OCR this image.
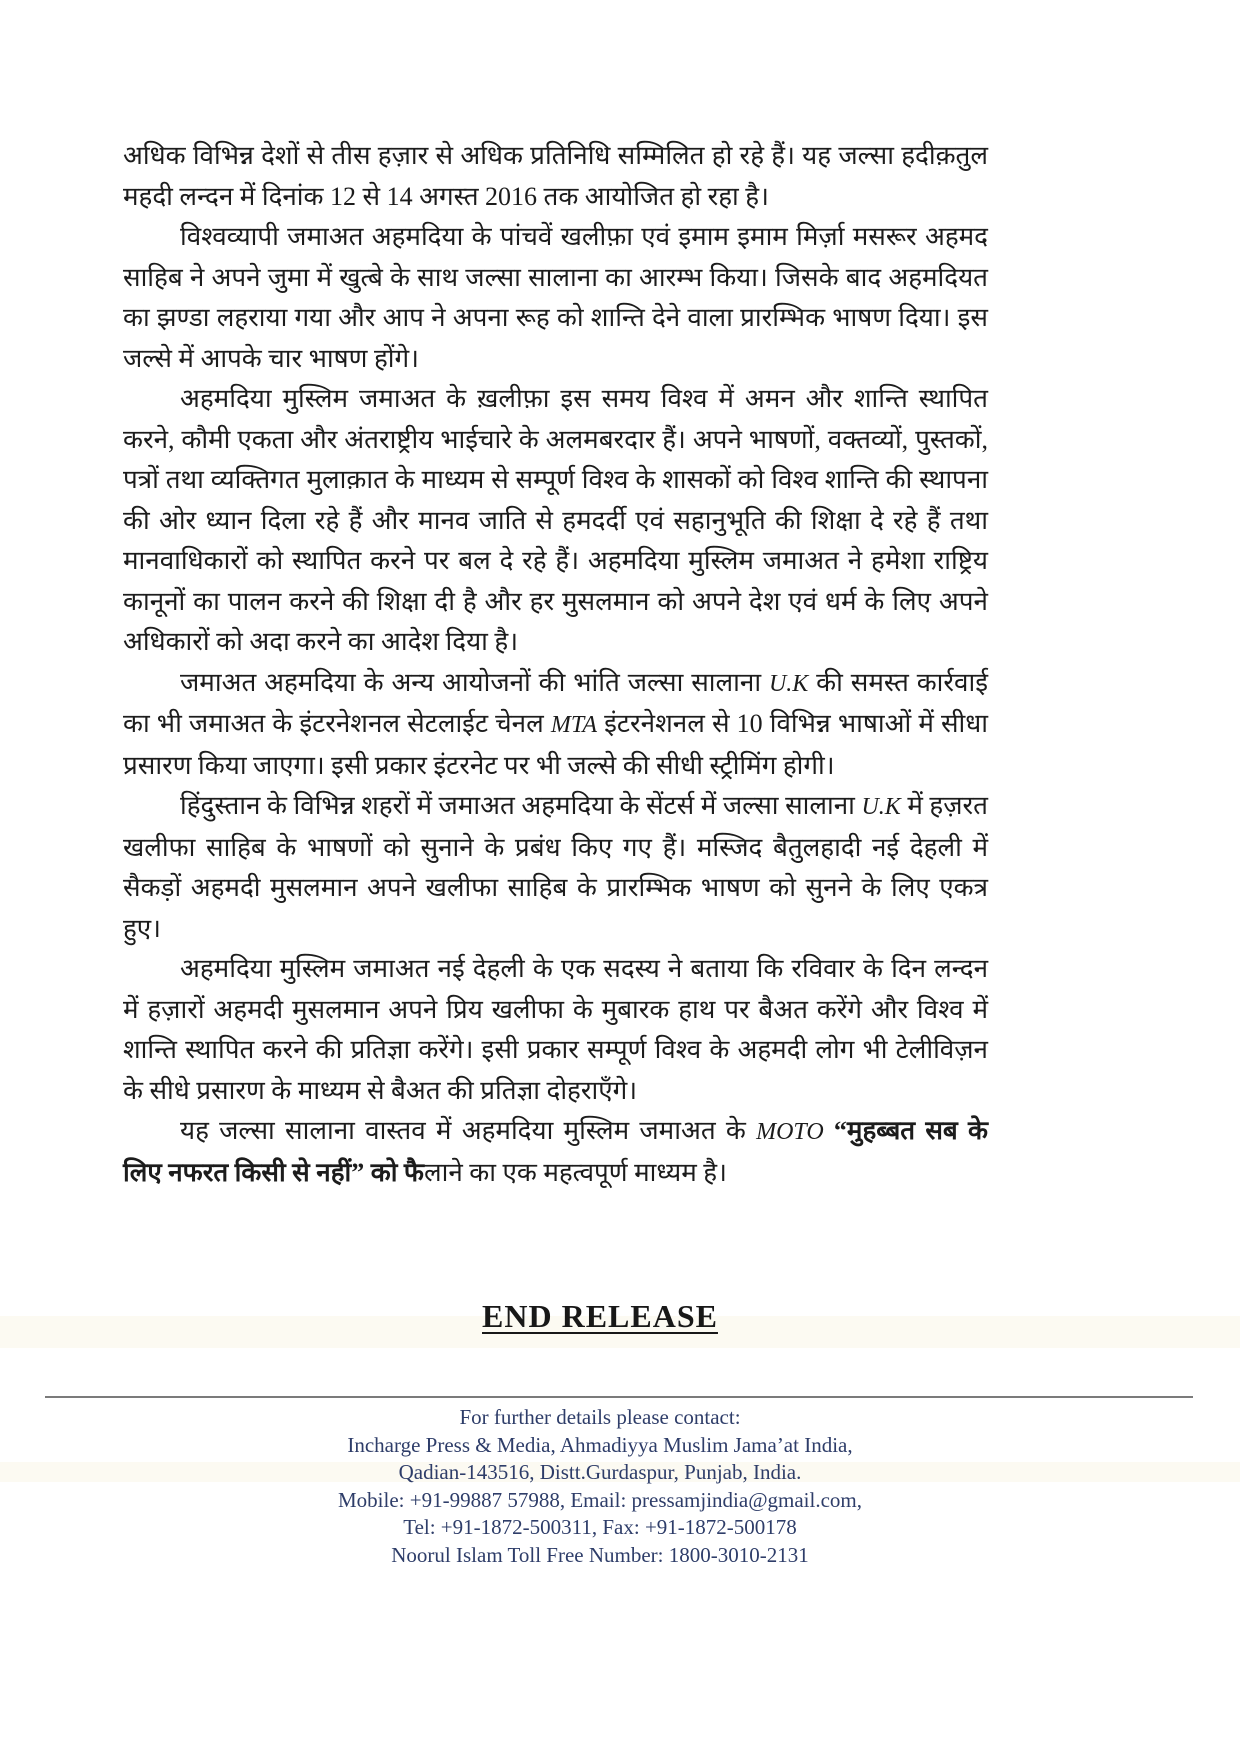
अधिक विभिन्न देशों से तीस हज़ार से अधिक प्रतिनिधि सम्मिलित हो रहे हैं। यह जल्सा हदीक़तुल महदी लन्दन में दिनांक 12 से 14 अगस्त 2016 तक आयोजित हो रहा है।

विश्वव्यापी जमाअत अहमदिया के पांचवें खलीफ़ा एवं इमाम इमाम मिर्ज़ा मसरूर अहमद साहिब ने अपने जुमा में खुत्बे के साथ जल्सा सालाना का आरम्भ किया। जिसके बाद अहमदियत का झण्डा लहराया गया और आप ने अपना रूह को शान्ति देने वाला प्रारम्भिक भाषण दिया। इस जल्से में आपके चार भाषण होंगे।

अहमदिया मुस्लिम जमाअत के ख़लीफ़ा इस समय विश्व में अमन और शान्ति स्थापित करने, कौमी एकता और अंतराष्ट्रीय भाईचारे के अलमबरदार हैं। अपने भाषणों, वक्तव्यों, पुस्तकों, पत्रों तथा व्यक्तिगत मुलाक़ात के माध्यम से सम्पूर्ण विश्व के शासकों को विश्व शान्ति की स्थापना की ओर ध्यान दिला रहे हैं और मानव जाति से हमदर्दी एवं सहानुभूति की शिक्षा दे रहे हैं तथा मानवाधिकारों को स्थापित करने पर बल दे रहे हैं। अहमदिया मुस्लिम जमाअत ने हमेशा राष्ट्रिय कानूनों का पालन करने की शिक्षा दी है और हर मुसलमान को अपने देश एवं धर्म के लिए अपने अधिकारों को अदा करने का आदेश दिया है।

जमाअत अहमदिया के अन्य आयोजनों की भांति जल्सा सालाना U.K की समस्त कार्रवाई का भी जमाअत के इंटरनेशनल सेटलाईट चेनल MTA इंटरनेशनल से 10 विभिन्न भाषाओं में सीधा प्रसारण किया जाएगा। इसी प्रकार इंटरनेट पर भी जल्से की सीधी स्ट्रीमिंग होगी।

हिंदुस्तान के विभिन्न शहरों में जमाअत अहमदिया के सेंटर्स में जल्सा सालाना U.K में हज़रत खलीफा साहिब के भाषणों को सुनाने के प्रबंध किए गए हैं। मस्जिद बैतुलहादी नई देहली में सैकड़ों अहमदी मुसलमान अपने खलीफा साहिब के प्रारम्भिक भाषण को सुनने के लिए एकत्र हुए।

अहमदिया मुस्लिम जमाअत नई देहली के एक सदस्य ने बताया कि रविवार के दिन लन्दन में हज़ारों अहमदी मुसलमान अपने प्रिय खलीफा के मुबारक हाथ पर बैअत करेंगे और विश्व में शान्ति स्थापित करने की प्रतिज्ञा करेंगे। इसी प्रकार सम्पूर्ण विश्व के अहमदी लोग भी टेलीविज़न के सीधे प्रसारण के माध्यम से बैअत की प्रतिज्ञा दोहराएँगे।

यह जल्सा सालाना वास्तव में अहमदिया मुस्लिम जमाअत के MOTO “मुहब्बत सब के लिए नफरत किसी से नहीं” को फैलाने का एक महत्वपूर्ण माध्यम है।

END RELEASE
For further details please contact:
Incharge Press & Media, Ahmadiyya Muslim Jama’at India,
Qadian-143516, Distt.Gurdaspur, Punjab, India.
Mobile: +91-99887 57988, Email: pressamjindia@gmail.com,
Tel: +91-1872-500311, Fax: +91-1872-500178
Noorul Islam Toll Free Number: 1800-3010-2131
